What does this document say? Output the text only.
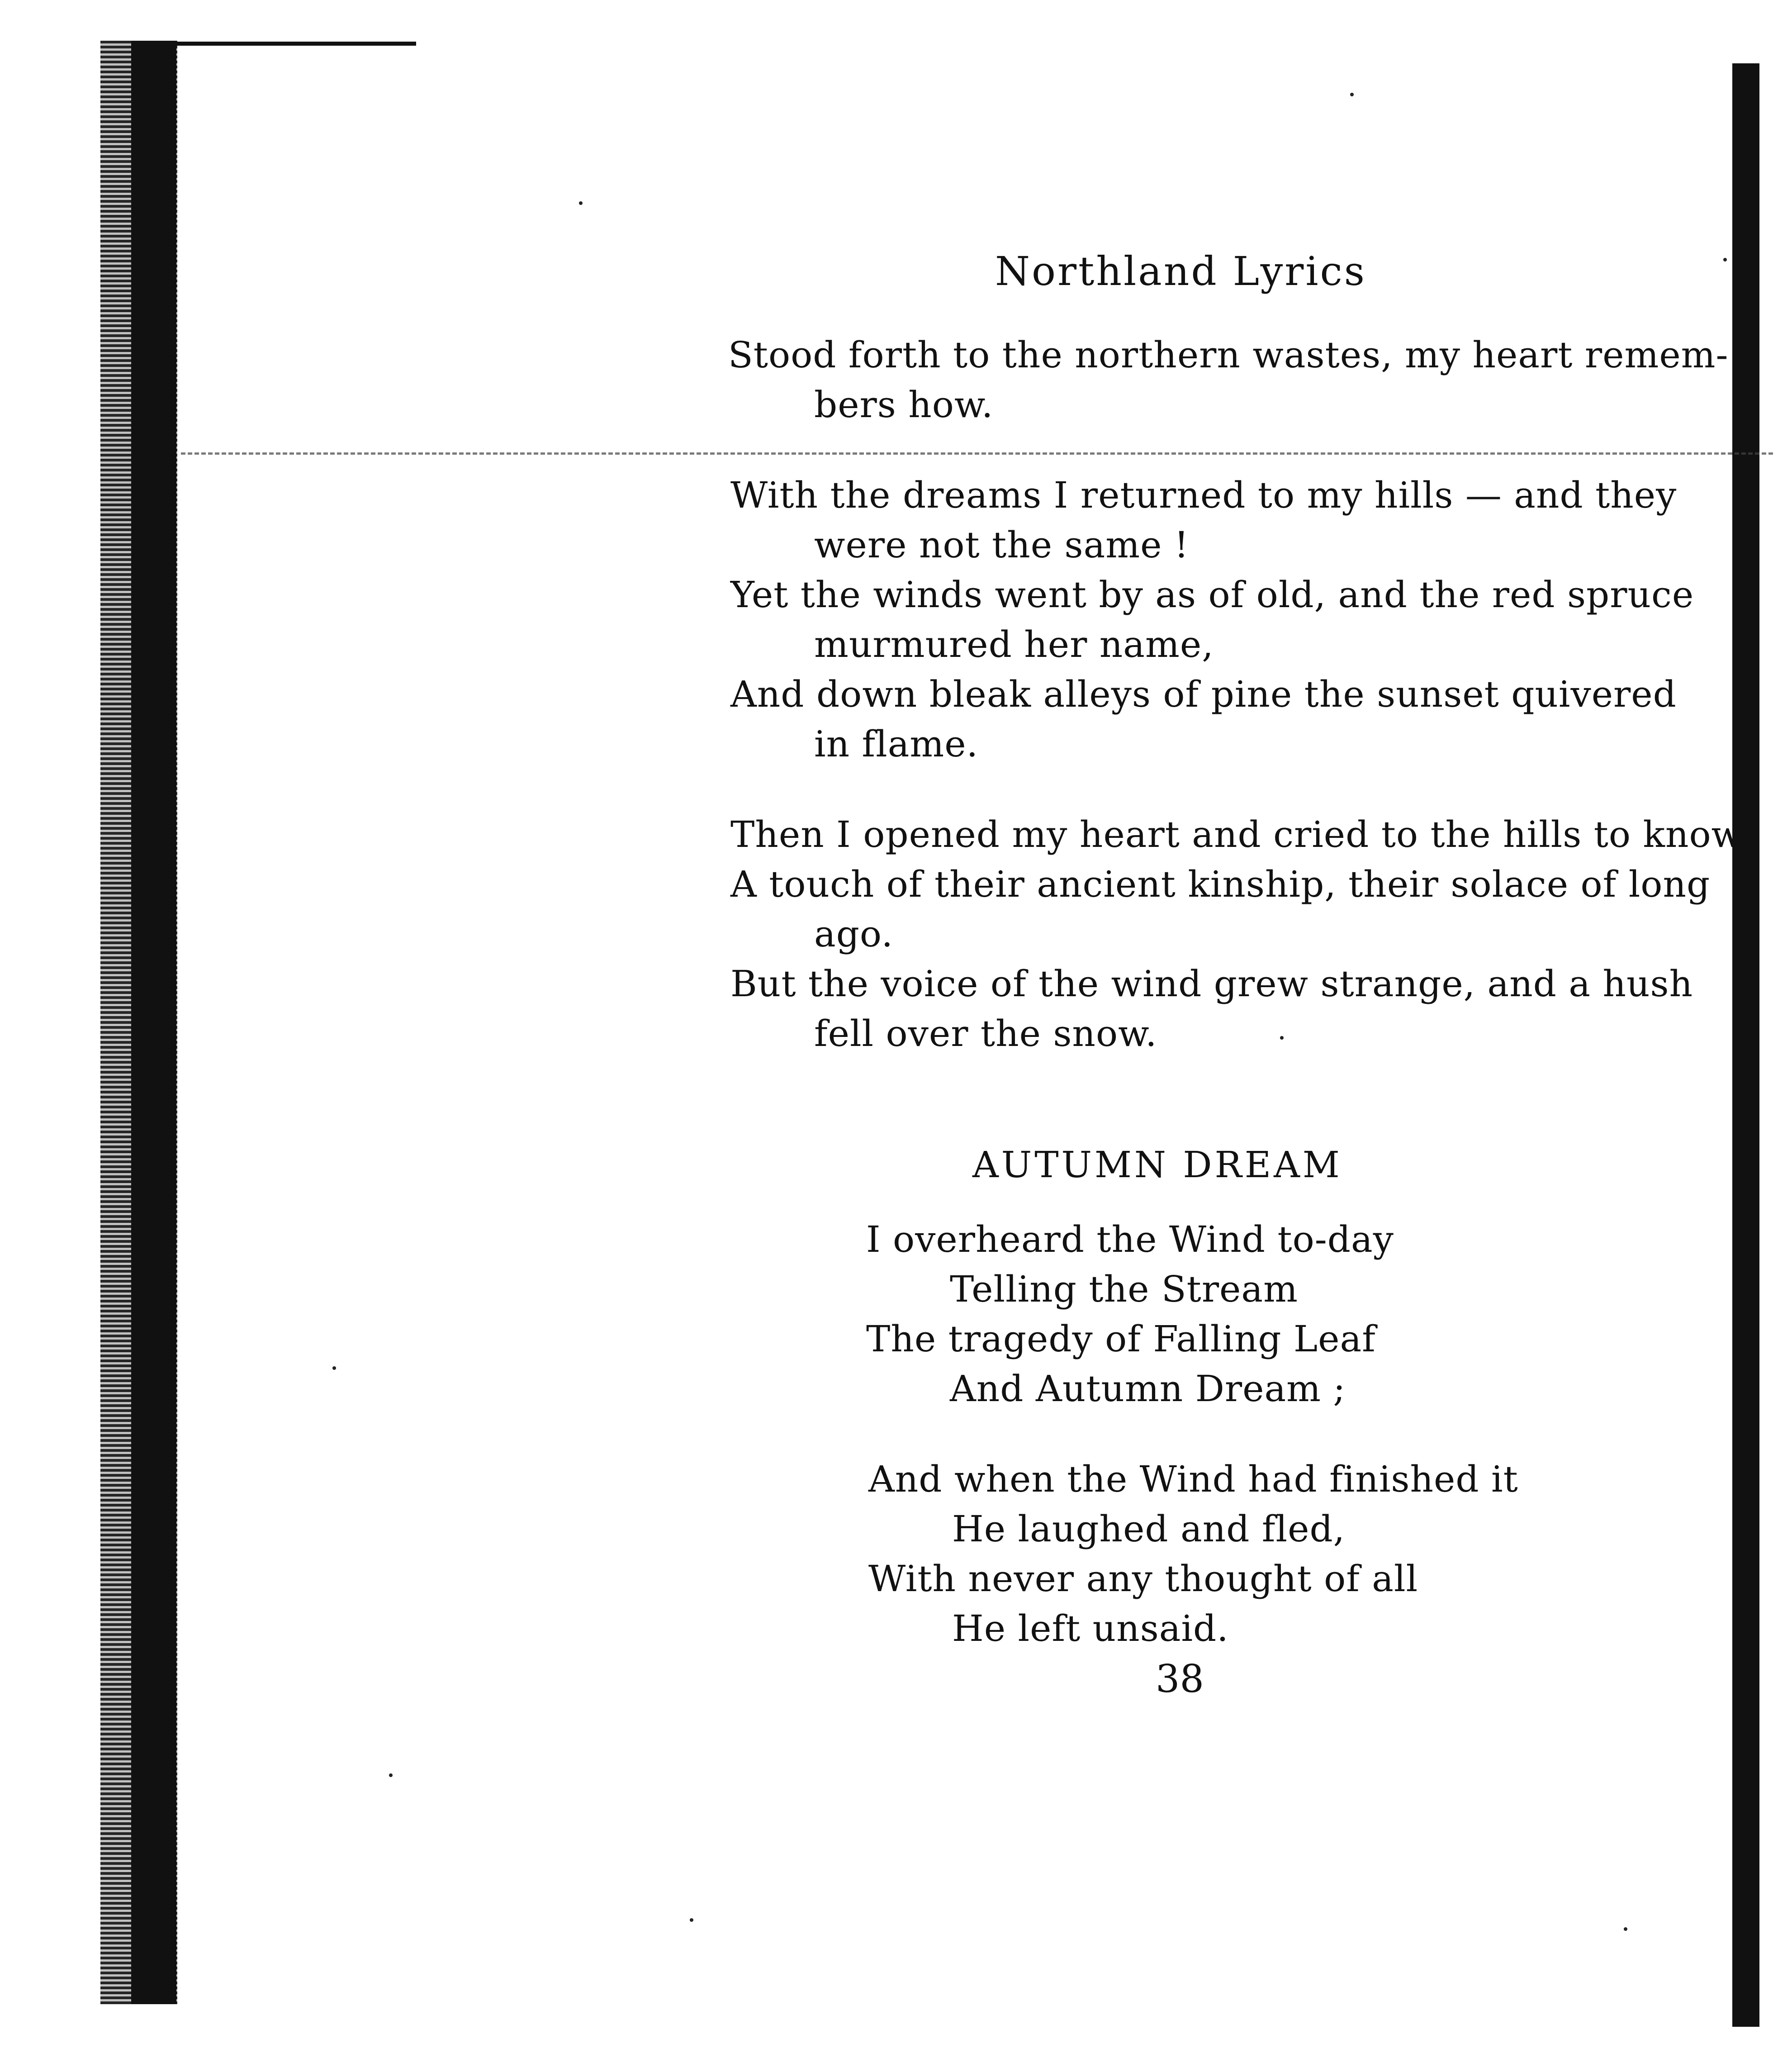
Northland Lyrics
Stood forth to the northern wastes, my heart remem-
bers how.
With the dreams I returned to my hills — and they
were not the same !
Yet the winds went by as of old, and the red spruce
murmured her name,
And down bleak alleys of pine the sunset quivered
in flame.
Then I opened my heart and cried to the hills to know
A touch of their ancient kinship, their solace of long
ago.
But the voice of the wind grew strange, and a hush
fell over the snow.
AUTUMN DREAM
I overheard the Wind to-day
Telling the Stream
The tragedy of Falling Leaf
And Autumn Dream ;
And when the Wind had finished it
He laughed and fled,
With never any thought of all
He left unsaid.
38
